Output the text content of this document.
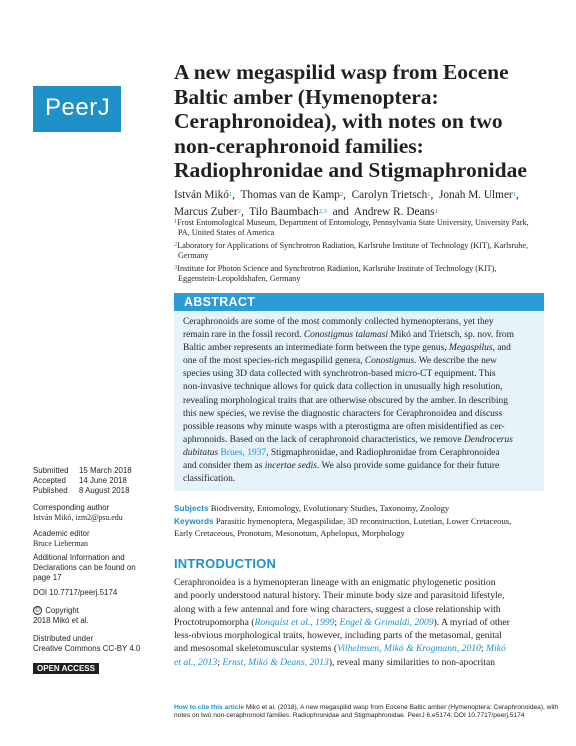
PeerJ
A new megaspilid wasp from Eocene
Baltic amber (Hymenoptera:
Ceraphronoidea), with notes on two
non-ceraphronoid families:
Radiophronidae and Stigmaphronidae
István Mikó$^1$,  Thomas van de Kamp$^2$,  Carolyn Trietsch$^1$,  Jonah M. Ulmer$^1$,
Marcus Zuber$^2$,  Tilo Baumbach$^{2,3}$ and Andrew R. Deans$^1$
$^1$Frost Entomological Museum, Department of Entomology, Pennsylvania State University, University Park,
PA, United States of America
$^2$Laboratory for Applications of Synchrotron Radiation, Karlsruhe Institute of Technology (KIT), Karlsruhe,
Germany
$^3$Institute for Photon Science and Synchrotron Radiation, Karlsruhe Institute of Technology (KIT),
Eggenstein-Leopoldshafen, Germany
ABSTRACT
Ceraphronoids are some of the most commonly collected hymenopterans, yet they
remain rare in the fossil record. Conostigmus talamasi Mikó and Trietsch, sp. nov. from
Baltic amber represents an intermediate form between the type genus, Megaspilus, and
one of the most species-rich megaspilid genera, Conostigmus. We describe the new
species using 3D data collected with synchrotron-based micro-CT equipment. This
non-invasive technique allows for quick data collection in unusually high resolution,
revealing morphological traits that are otherwise obscured by the amber. In describing
this new species, we revise the diagnostic characters for Ceraphronoidea and discuss
possible reasons why minute wasps with a pterostigma are often misidentified as cer-
aphronoids. Based on the lack of ceraphronoid characteristics, we remove Dendrocerus
dubitatus Brues, 1937, Stigmaphronidae, and Radiophronidae from Ceraphronoidea
and consider them as incertae sedis. We also provide some guidance for their future
classification.
Subjects Biodiversity, Entomology, Evolutionary Studies, Taxonomy, Zoology
Keywords Parasitic hymenoptera, Megaspilidae, 3D reconstruction, Lutetian, Lower Cretaceous,
Early Cretaceous, Pronotum, Mesonotum, Aphelopus, Morphology
INTRODUCTION
Ceraphronoidea is a hymenopteran lineage with an enigmatic phylogenetic position
and poorly understood natural history. Their minute body size and parasitoid lifestyle,
along with a few antennal and fore wing characters, suggest a close relationship with
Proctotrupomorpha (Ronquist et al., 1999; Engel & Grimaldi, 2009). A myriad of other
less-obvious morphological traits, however, including parts of the metasomal, genital
and mesosomal skeletomuscular systems (Vilhelmsen, Mikó & Krogmann, 2010; Mikó
et al., 2013; Ernst, Mikó & Deans, 2013), reveal many similarities to non-apocritan
Submitted 15 March 2018
Accepted 14 June 2018
Published 8 August 2018
Corresponding author
István Mikó, izm2@psu.edu
Academic editor
Bruce Lieberman
Additional Information and
Declarations can be found on
page 17
DOI 10.7717/peerj.5174
© Copyright
2018 Mikó et al.
Distributed under
Creative Commons CC-BY 4.0
OPEN ACCESS
How to cite this article Mikó et al. (2018), A new megaspilid wasp from Eocene Baltic amber (Hymenoptera: Ceraphronoidea), with
notes on two non-ceraphronoid families: Radiophronidae and Stigmaphronidae. PeerJ 6:e5174; DOI 10.7717/peerj.5174
